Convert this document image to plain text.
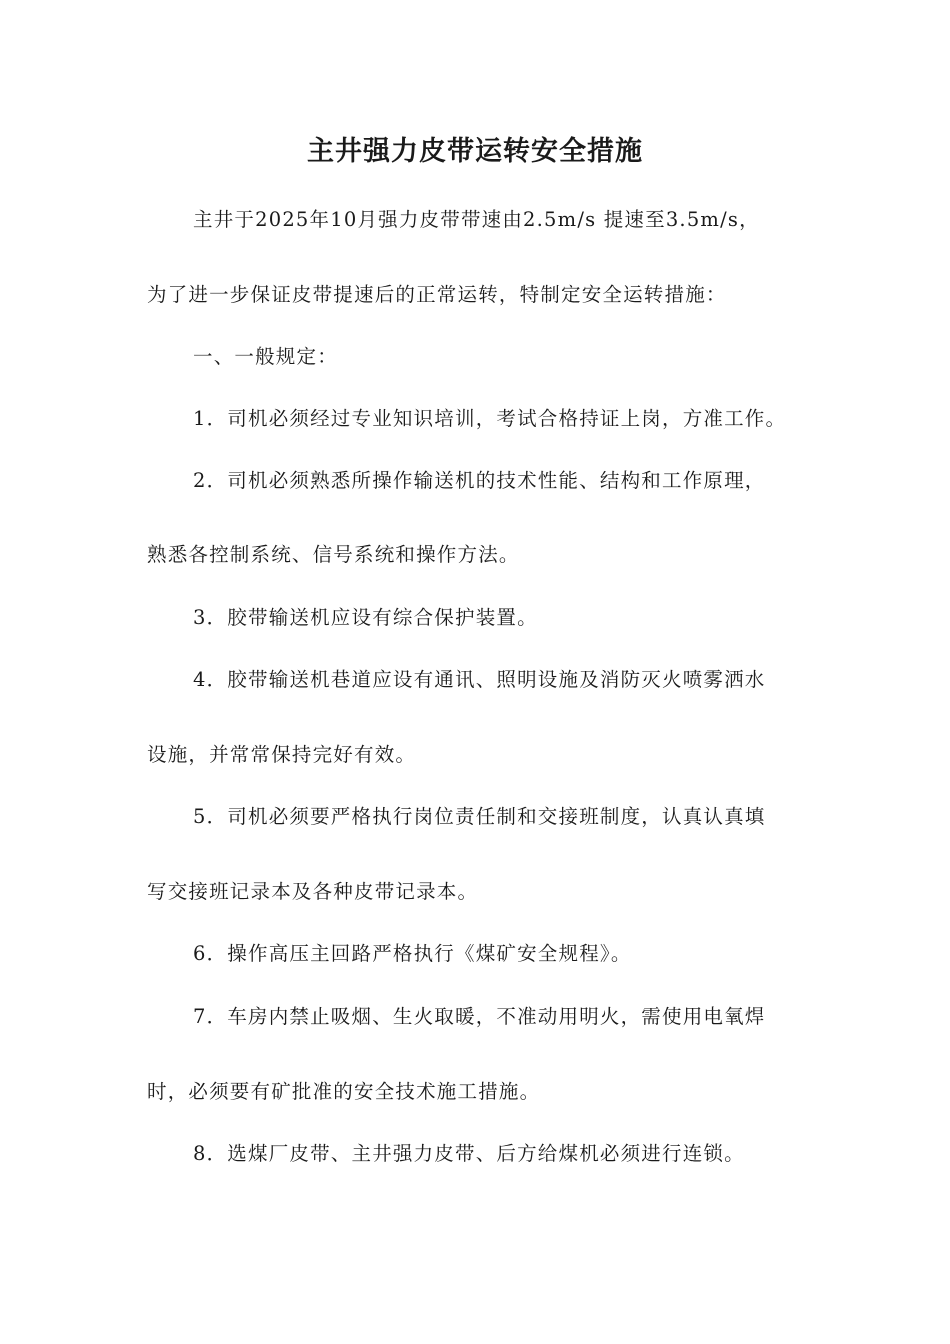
主井强力皮带运转安全措施

主井于2025年10月强力皮带带速由2.5m/s 提速至3.5m/s，

为了进一步保证皮带提速后的正常运转，特制定安全运转措施：

一、一般规定：

1．司机必须经过专业知识培训，考试合格持证上岗，方准工作。

2．司机必须熟悉所操作输送机的技术性能、结构和工作原理，

熟悉各控制系统、信号系统和操作方法。

3．胶带输送机应设有综合保护装置。

4．胶带输送机巷道应设有通讯、照明设施及消防灭火喷雾洒水

设施，并常常保持完好有效。

5．司机必须要严格执行岗位责任制和交接班制度，认真认真填

写交接班记录本及各种皮带记录本。

6．操作高压主回路严格执行《煤矿安全规程》。

7．车房内禁止吸烟、生火取暖，不准动用明火，需使用电氧焊

时，必须要有矿批准的安全技术施工措施。

8．选煤厂皮带、主井强力皮带、后方给煤机必须进行连锁。
